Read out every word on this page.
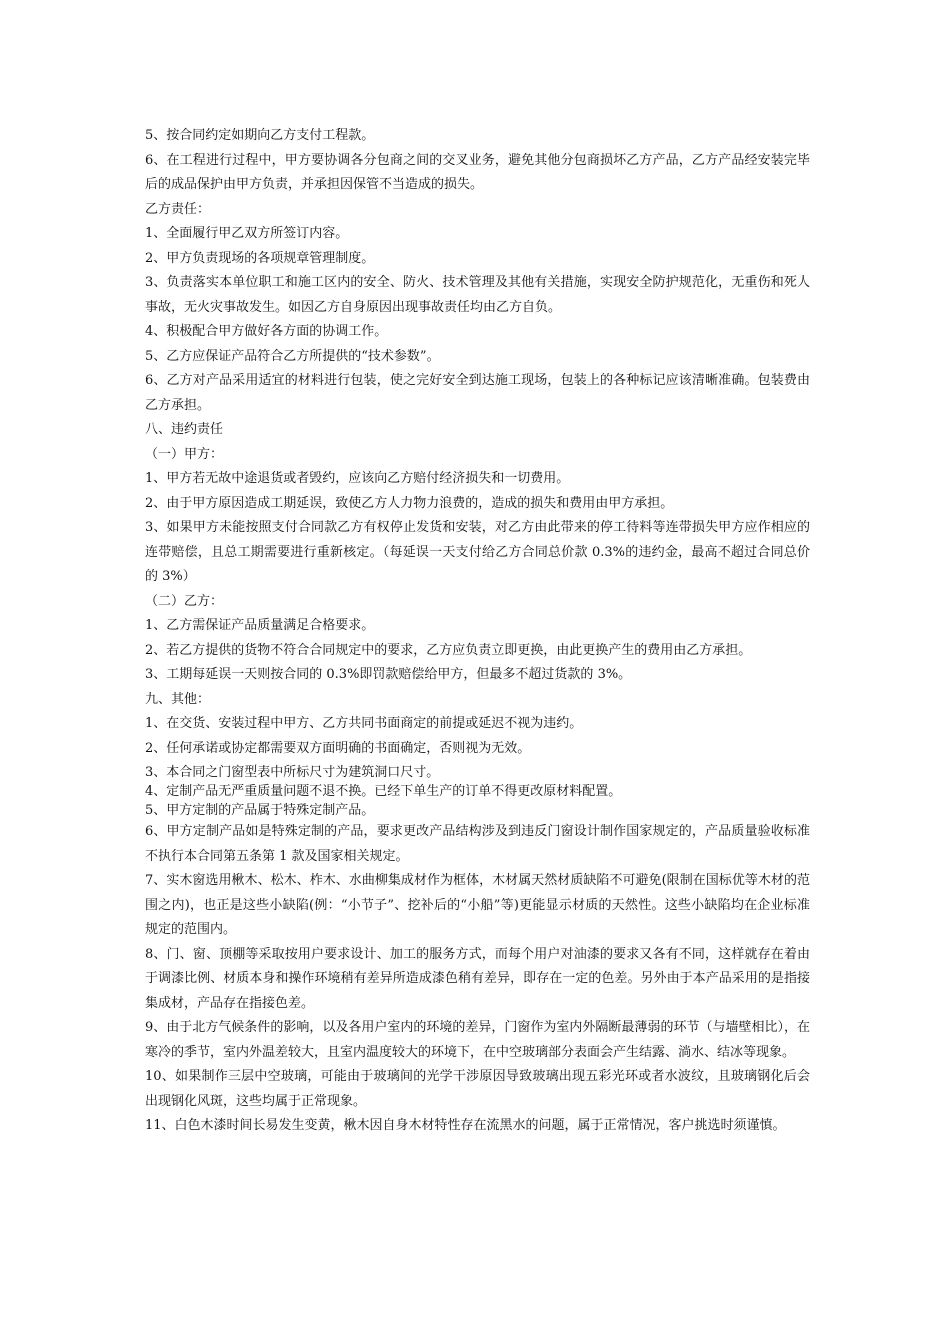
5、按合同约定如期向乙方支付工程款。

6、在工程进行过程中，甲方要协调各分包商之间的交叉业务，避免其他分包商损坏乙方产品，乙方产品经安装完毕后的成品保护由甲方负责，并承担因保管不当造成的损失。

乙方责任：

1、全面履行甲乙双方所签订内容。

2、甲方负责现场的各项规章管理制度。

3、负责落实本单位职工和施工区内的安全、防火、技术管理及其他有关措施，实现安全防护规范化，无重伤和死人事故，无火灾事故发生。如因乙方自身原因出现事故责任均由乙方自负。

4、积极配合甲方做好各方面的协调工作。

5、乙方应保证产品符合乙方所提供的“技术参数”。

6、乙方对产品采用适宜的材料进行包装，使之完好安全到达施工现场，包装上的各种标记应该清晰准确。包装费由乙方承担。

八、违约责任

（一）甲方：

1、甲方若无故中途退货或者毁约，应该向乙方赔付经济损失和一切费用。

2、由于甲方原因造成工期延误，致使乙方人力物力浪费的，造成的损失和费用由甲方承担。

3、如果甲方未能按照支付合同款乙方有权停止发货和安装，对乙方由此带来的停工待料等连带损失甲方应作相应的连带赔偿，且总工期需要进行重新核定。（每延误一天支付给乙方合同总价款 0.3%的违约金，最高不超过合同总价的 3%）

（二）乙方：

1、乙方需保证产品质量满足合格要求。

2、若乙方提供的货物不符合合同规定中的要求，乙方应负责立即更换，由此更换产生的费用由乙方承担。

3、工期每延误一天则按合同的 0.3%即罚款赔偿给甲方，但最多不超过货款的 3%。

九、其他：

1、在交货、安装过程中甲方、乙方共同书面商定的前提或延迟不视为违约。

2、任何承诺或协定都需要双方面明确的书面确定，否则视为无效。

3、本合同之门窗型表中所标尺寸为建筑洞口尺寸。

4、定制产品无严重质量问题不退不换。已经下单生产的订单不得更改原材料配置。

5、甲方定制的产品属于特殊定制产品。

6、甲方定制产品如是特殊定制的产品，要求更改产品结构涉及到违反门窗设计制作国家规定的，产品质量验收标准不执行本合同第五条第 1 款及国家相关规定。

7、实木窗选用楸木、松木、柞木、水曲柳集成材作为框体，木材属天然材质缺陷不可避免(限制在国标优等木材的范围之内)，也正是这些小缺陷(例：“小节子”、挖补后的“小船”等)更能显示材质的天然性。这些小缺陷均在企业标准规定的范围内。

8、门、窗、顶棚等采取按用户要求设计、加工的服务方式，而每个用户对油漆的要求又各有不同，这样就存在着由于调漆比例、材质本身和操作环境稍有差异所造成漆色稍有差异，即存在一定的色差。另外由于本产品采用的是指接集成材，产品存在指接色差。

9、由于北方气候条件的影响，以及各用户室内的环境的差异，门窗作为室内外隔断最薄弱的环节（与墙壁相比），在寒冷的季节，室内外温差较大，且室内温度较大的环境下，在中空玻璃部分表面会产生结露、淌水、结冰等现象。

10、如果制作三层中空玻璃，可能由于玻璃间的光学干涉原因导致玻璃出现五彩光环或者水波纹，且玻璃钢化后会出现钢化风斑，这些均属于正常现象。

11、白色木漆时间长易发生变黄，楸木因自身木材特性存在流黑水的问题，属于正常情况，客户挑选时须谨慎。
